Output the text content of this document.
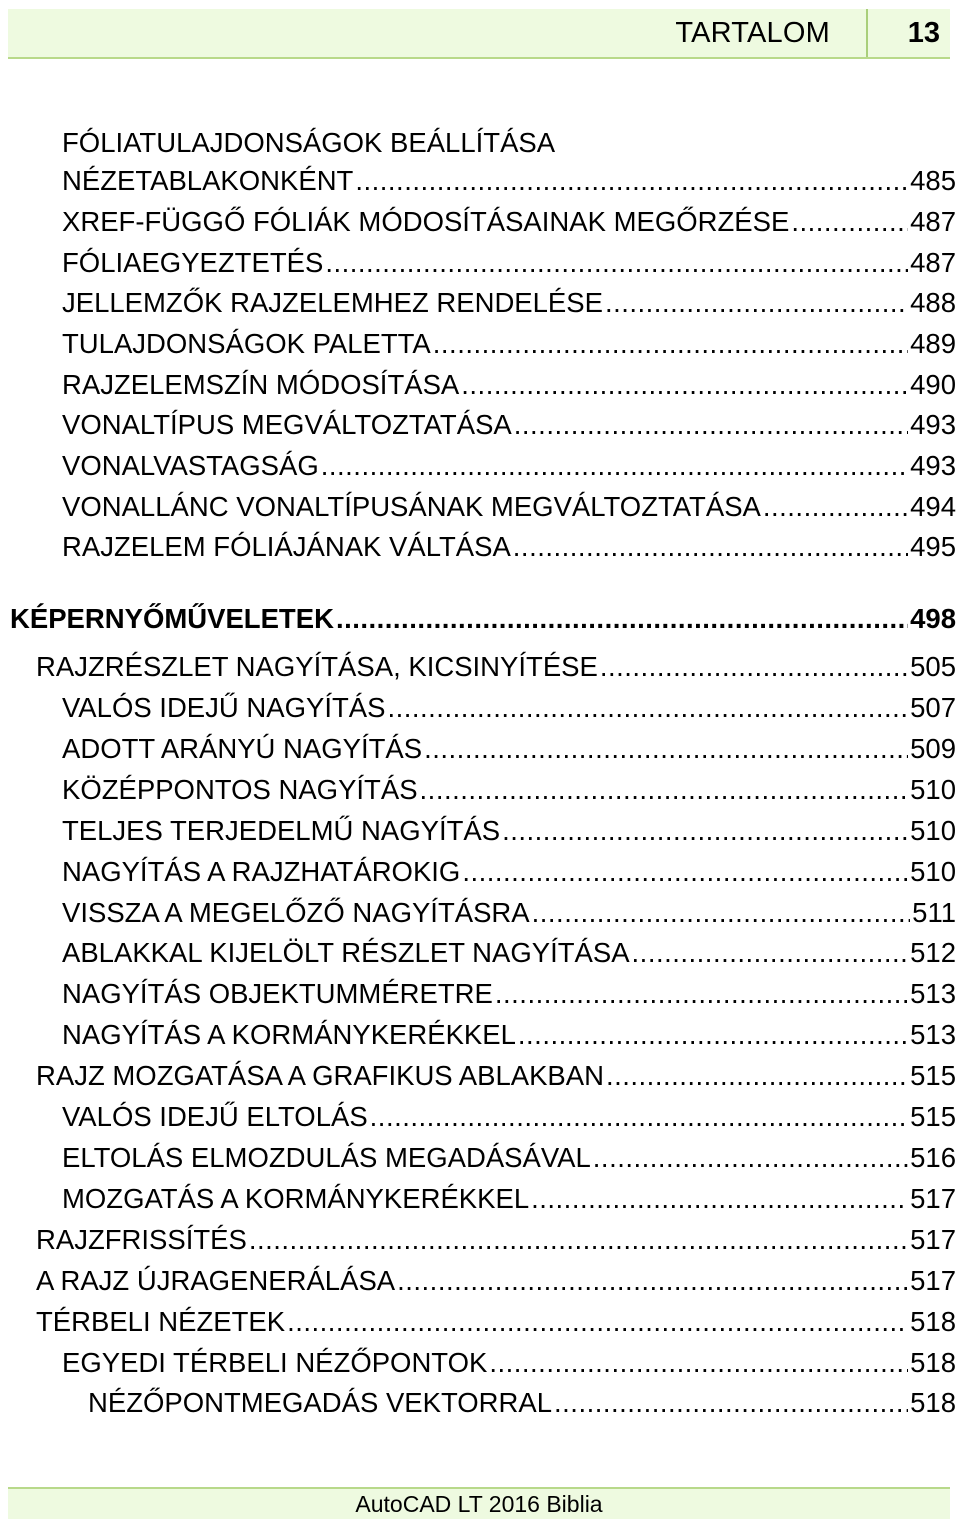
TARTALOM	13
FÓLIATULAJDONSÁGOK BEÁLLÍTÁSA
NÉZETABLAKONKÉNT .....	485
XREF-FÜGGŐ FÓLIÁK MÓDOSÍTÁSAINAK MEGŐRZÉSE .....	487
FÓLIAEGYEZTETÉS .....	487
JELLEMZŐK RAJZELEMHEZ RENDELÉSE .....	488
TULAJDONSÁGOK PALETTA .....	489
RAJZELEMSZÍN MÓDOSÍTÁSA .....	490
VONALTÍPUS MEGVÁLTOZTATÁSA .....	493
VONALVASTAGSÁG .....	493
VONALLÁNC VONALTÍPUSÁNAK MEGVÁLTOZTATÁSA .....	494
RAJZELEM FÓLIÁJÁNAK VÁLTÁSA .....	495
KÉPERNYŐMŰVELETEK .....	498
RAJZRÉSZLET NAGYÍTÁSA, KICSINYÍTÉSE .....	505
VALÓS IDEJŰ NAGYÍTÁS .....	507
ADOTT ARÁNYÚ NAGYÍTÁS .....	509
KÖZÉPPONTOS NAGYÍTÁS .....	510
TELJES TERJEDELMŰ NAGYÍTÁS .....	510
NAGYÍTÁS A RAJZHATÁROKIG .....	510
VISSZA A MEGELŐZŐ NAGYÍTÁSRA .....	511
ABLAKKAL KIJELÖLT RÉSZLET NAGYÍTÁSA .....	512
NAGYÍTÁS OBJEKTUMMÉRETRE .....	513
NAGYÍTÁS A KORMÁNYKERÉKKEL .....	513
RAJZ MOZGATÁSA A GRAFIKUS ABLAKBAN .....	515
VALÓS IDEJŰ ELTOLÁS .....	515
ELTOLÁS ELMOZDULÁS MEGADÁSÁVAL .....	516
MOZGATÁS A KORMÁNYKERÉKKEL .....	517
RAJZFRISSÍTÉS .....	517
A RAJZ ÚJRAGENERÁLÁSA .....	517
TÉRBELI NÉZETEK .....	518
EGYEDI TÉRBELI NÉZŐPONTOK .....	518
NÉZŐPONTMEGADÁS VEKTORRAL .....	518
AutoCAD LT 2016 Biblia
